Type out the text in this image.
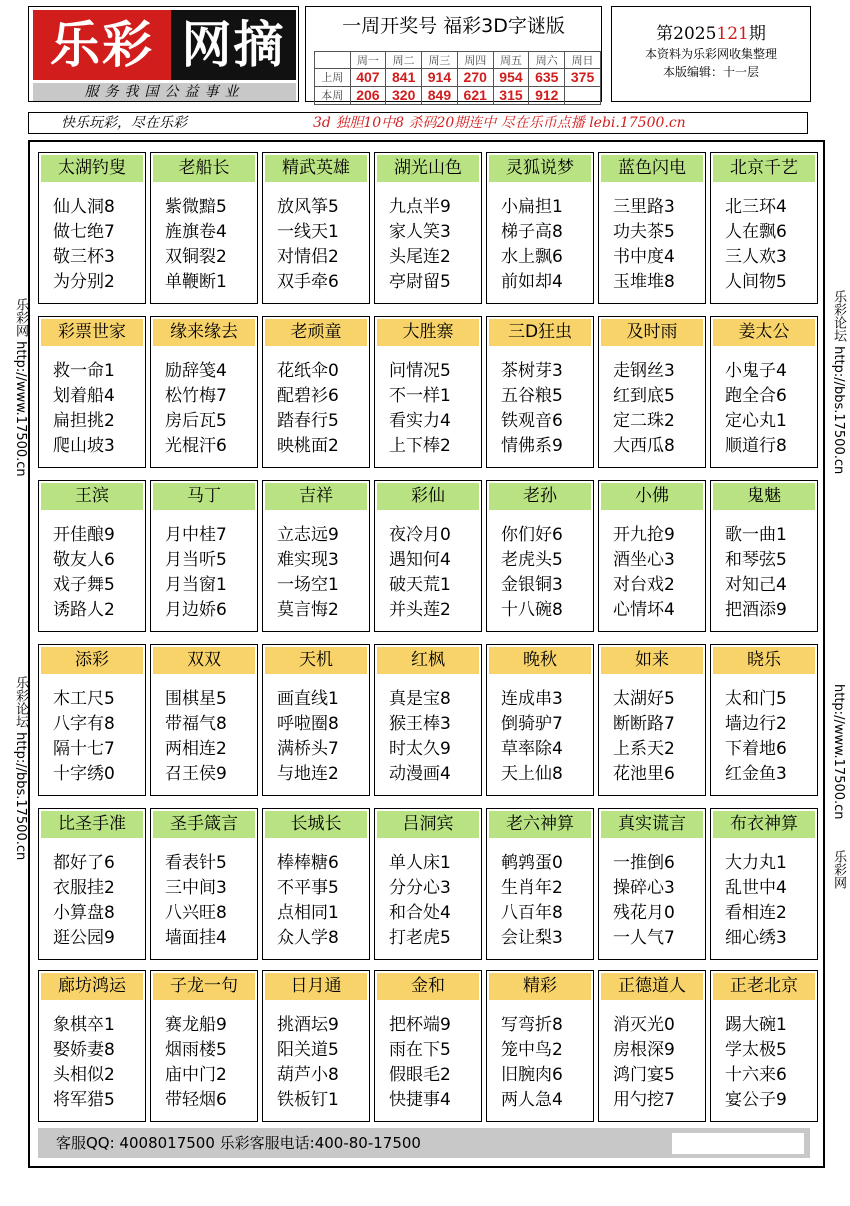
乐彩 网摘
服务我国公益事业
一周开奖号 福彩3D字谜版
	周一	周二	周三	周四	周五	周六	周日
上周	407	841	914	270	954	635	375
本周	206	320	849	621	315	912	
第2025121期
本资料为乐彩网收集整理
本版编辑：十一层
快乐玩彩，尽在乐彩	3d 独胆10中8 杀码20期连中 尽在乐币点播 lebi.17500.cn
乐彩网 http://www.17500.cn
乐彩论坛 http://bbs.17500.cn
乐彩论坛 http://bbs.17500.cn
http://www.17500.cn
乐彩网
太湖钓叟
仙人洞8
做七绝7
敬三杯3
为分别2
老船长
紫微黯5
旌旗卷4
双铜裂2
单鞭断1
精武英雄
放风筝5
一线天1
对情侣2
双手牵6
湖光山色
九点半9
家人笑3
头尾连2
亭尉留5
灵狐说梦
小扁担1
梯子高8
水上飘6
前如却4
蓝色闪电
三里路3
功夫茶5
书中度4
玉堆堆8
北京千艺
北三环4
人在飘6
三人欢3
人间物5
彩票世家
救一命1
划着船4
扁担挑2
爬山坡3
缘来缘去
励辞笺4
松竹梅7
房后瓦5
光棍汗6
老顽童
花纸伞0
配碧衫6
踏春行5
映桃面2
大胜寨
问情况5
不一样1
看实力4
上下棒2
三D狂虫
茶树芽3
五谷粮5
铁观音6
情佛系9
及时雨
走钢丝3
红到底5
定二珠2
大西瓜8
姜太公
小鬼子4
跑全合6
定心丸1
顺道行8
王滨
开佳酿9
敬友人6
戏子舞5
诱路人2
马丁
月中桂7
月当听5
月当窗1
月边娇6
吉祥
立志远9
难实现3
一场空1
莫言悔2
彩仙
夜冷月0
遇知何4
破天荒1
并头莲2
老孙
你们好6
老虎头5
金银铜3
十八碗8
小佛
开九抢9
酒坐心3
对台戏2
心情坏4
鬼魅
歌一曲1
和琴弦5
对知己4
把酒添9
添彩
木工尺5
八字有8
隔十七7
十字绣0
双双
围棋星5
带福气8
两相连2
召王侯9
天机
画直线1
呼啦圈8
满桥头7
与地连2
红枫
真是宝8
猴王棒3
时太久9
动漫画4
晚秋
连成串3
倒骑驴7
草率除4
天上仙8
如来
太湖好5
断断路7
上系天2
花池里6
晓乐
太和门5
墙边行2
下着地6
红金鱼3
比圣手准
都好了6
衣服挂2
小算盘8
逛公园9
圣手箴言
看表针5
三中间3
八兴旺8
墙面挂4
长城长
棒棒糖6
不平事5
点相同1
众人学8
吕洞宾
单人床1
分分心3
和合处4
打老虎5
老六神算
鹌鹑蛋0
生肖年2
八百年8
会让梨3
真实谎言
一推倒6
操碎心3
残花月0
一人气7
布衣神算
大力丸1
乱世中4
看相连2
细心绣3
廊坊鸿运
象棋卒1
娶娇妻8
头相似2
将军猎5
子龙一句
赛龙船9
烟雨楼5
庙中门2
带轻烟6
日月通
挑酒坛9
阳关道5
葫芦小8
铁板钉1
金和
把杯端9
雨在下5
假眼毛2
快捷事4
精彩
写弯折8
笼中鸟2
旧腕肉6
两人急4
正德道人
消灭光0
房根深9
鸿门宴5
用勺挖7
正老北京
踢大碗1
学太极5
十六来6
宴公子9
客服QQ: 4008017500 乐彩客服电话:400-80-17500
